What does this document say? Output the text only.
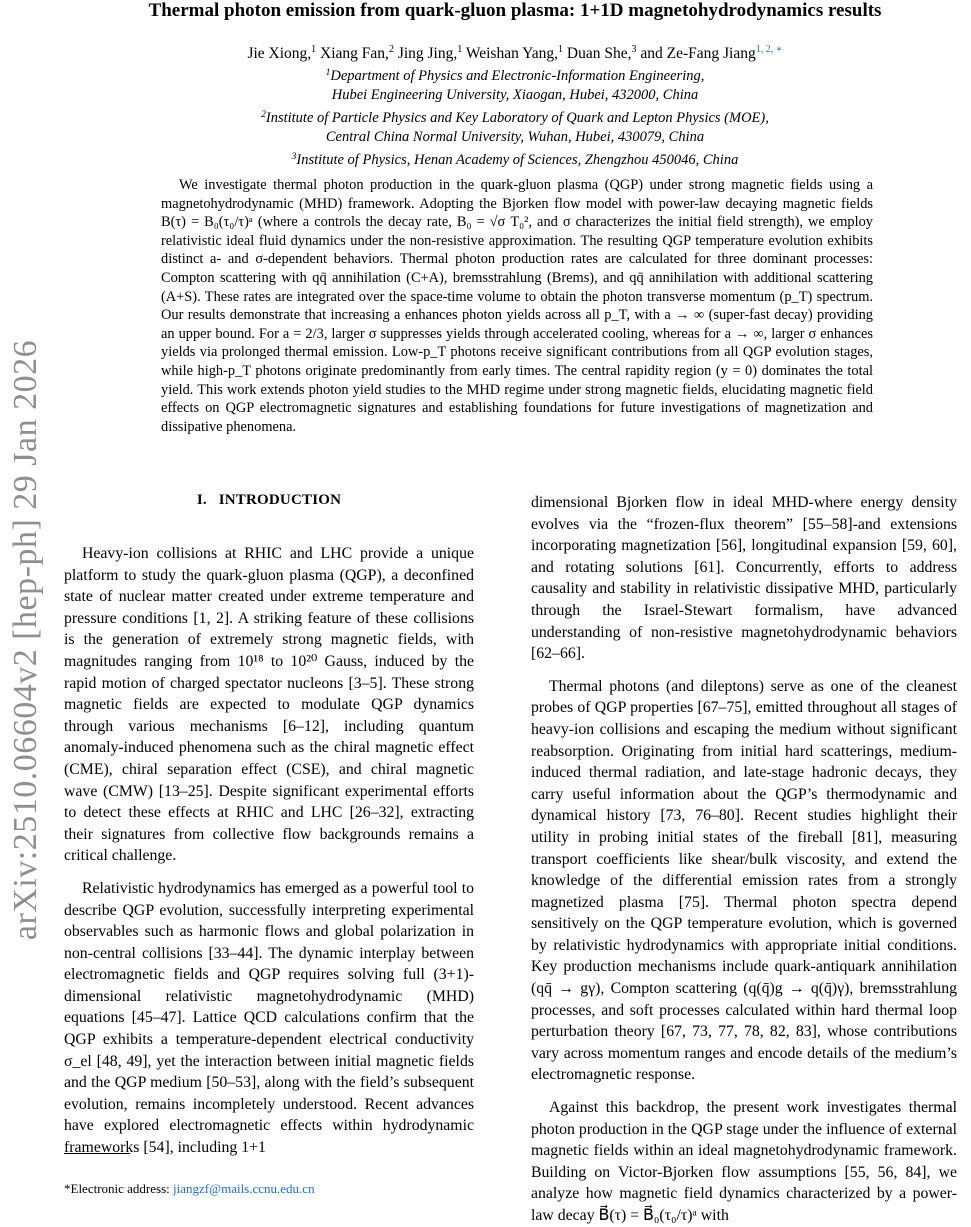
arXiv:2510.06604v2 [hep-ph] 29 Jan 2026
Thermal photon emission from quark-gluon plasma: 1+1D magnetohydrodynamics results
Jie Xiong,$^1$ Xiang Fan,$^2$ Jing Jing,$^1$ Weishan Yang,$^1$ Duan She,$^3$ and Ze-Fang Jiang$^{1, 2, ∗}$

$^1$Department of Physics and Electronic-Information Engineering,

Hubei Engineering University, Xiaogan, Hubei, 432000, China

$^2$Institute of Particle Physics and Key Laboratory of Quark and Lepton Physics (MOE),

Central China Normal University, Wuhan, Hubei, 430079, China

$^3$Institute of Physics, Henan Academy of Sciences, Zhengzhou 450046, China

We investigate thermal photon production in the quark-gluon plasma (QGP) under strong magnetic fields using a magnetohydrodynamic (MHD) framework. Adopting the Bjorken flow model with power-law decaying magnetic fields B(τ) = B₀(τ₀/τ)ᵃ (where a controls the decay rate, B₀ = √σ T₀², and σ characterizes the initial field strength), we employ relativistic ideal fluid dynamics under the non-resistive approximation. The resulting QGP temperature evolution exhibits distinct a- and σ-dependent behaviors. Thermal photon production rates are calculated for three dominant processes: Compton scattering with qq̄ annihilation (C+A), bremsstrahlung (Brems), and qq̄ annihilation with additional scattering (A+S). These rates are integrated over the space-time volume to obtain the photon transverse momentum (p_T) spectrum. Our results demonstrate that increasing a enhances photon yields across all p_T, with a → ∞ (super-fast decay) providing an upper bound. For a = 2/3, larger σ suppresses yields through accelerated cooling, whereas for a → ∞, larger σ enhances yields via prolonged thermal emission. Low-p_T photons receive significant contributions from all QGP evolution stages, while high-p_T photons originate predominantly from early times. The central rapidity region (y = 0) dominates the total yield. This work extends photon yield studies to the MHD regime under strong magnetic fields, elucidating magnetic field effects on QGP electromagnetic signatures and establishing foundations for future investigations of magnetization and dissipative phenomena.

I. INTRODUCTION

Heavy-ion collisions at RHIC and LHC provide a unique platform to study the quark-gluon plasma (QGP), a deconfined state of nuclear matter created under extreme temperature and pressure conditions [1, 2]. A striking feature of these collisions is the generation of extremely strong magnetic fields, with magnitudes ranging from 10¹⁸ to 10²⁰ Gauss, induced by the rapid motion of charged spectator nucleons [3–5]. These strong magnetic fields are expected to modulate QGP dynamics through various mechanisms [6–12], including quantum anomaly-induced phenomena such as the chiral magnetic effect (CME), chiral separation effect (CSE), and chiral magnetic wave (CMW) [13–25]. Despite significant experimental efforts to detect these effects at RHIC and LHC [26–32], extracting their signatures from collective flow backgrounds remains a critical challenge.

Relativistic hydrodynamics has emerged as a powerful tool to describe QGP evolution, successfully interpreting experimental observables such as harmonic flows and global polarization in non-central collisions [33–44]. The dynamic interplay between electromagnetic fields and QGP requires solving full (3+1)-dimensional relativistic magnetohydrodynamic (MHD) equations [45–47]. Lattice QCD calculations confirm that the QGP exhibits a temperature-dependent electrical conductivity σ_el [48, 49], yet the interaction between initial magnetic fields and the QGP medium [50–53], along with the field’s subsequent evolution, remains incompletely understood. Recent advances have explored electromagnetic effects within hydrodynamic frameworks [54], including 1+1

dimensional Bjorken flow in ideal MHD-where energy density evolves via the “frozen-flux theorem” [55–58]-and extensions incorporating magnetization [56], longitudinal expansion [59, 60], and rotating solutions [61]. Concurrently, efforts to address causality and stability in relativistic dissipative MHD, particularly through the Israel-Stewart formalism, have advanced understanding of non-resistive magnetohydrodynamic behaviors [62–66].

Thermal photons (and dileptons) serve as one of the cleanest probes of QGP properties [67–75], emitted throughout all stages of heavy-ion collisions and escaping the medium without significant reabsorption. Originating from initial hard scatterings, medium-induced thermal radiation, and late-stage hadronic decays, they carry useful information about the QGP’s thermodynamic and dynamical history [73, 76–80]. Recent studies highlight their utility in probing initial states of the fireball [81], measuring transport coefficients like shear/bulk viscosity, and extend the knowledge of the differential emission rates from a strongly magnetized plasma [75]. Thermal photon spectra depend sensitively on the QGP temperature evolution, which is governed by relativistic hydrodynamics with appropriate initial conditions. Key production mechanisms include quark-antiquark annihilation (qq̄ → gγ), Compton scattering (q(q̄)g → q(q̄)γ), bremsstrahlung processes, and soft processes calculated within hard thermal loop perturbation theory [67, 73, 77, 78, 82, 83], whose contributions vary across momentum ranges and encode details of the medium’s electromagnetic response.

Against this backdrop, the present work investigates thermal photon production in the QGP stage under the influence of external magnetic fields within an ideal magnetohydrodynamic framework. Building on Victor-Bjorken flow assumptions [55, 56, 84], we analyze how magnetic field dynamics characterized by a power-law decay B⃗(τ) = B⃗₀(τ₀/τ)ᵃ with

*Electronic address: jiangzf@mails.ccnu.edu.cn
